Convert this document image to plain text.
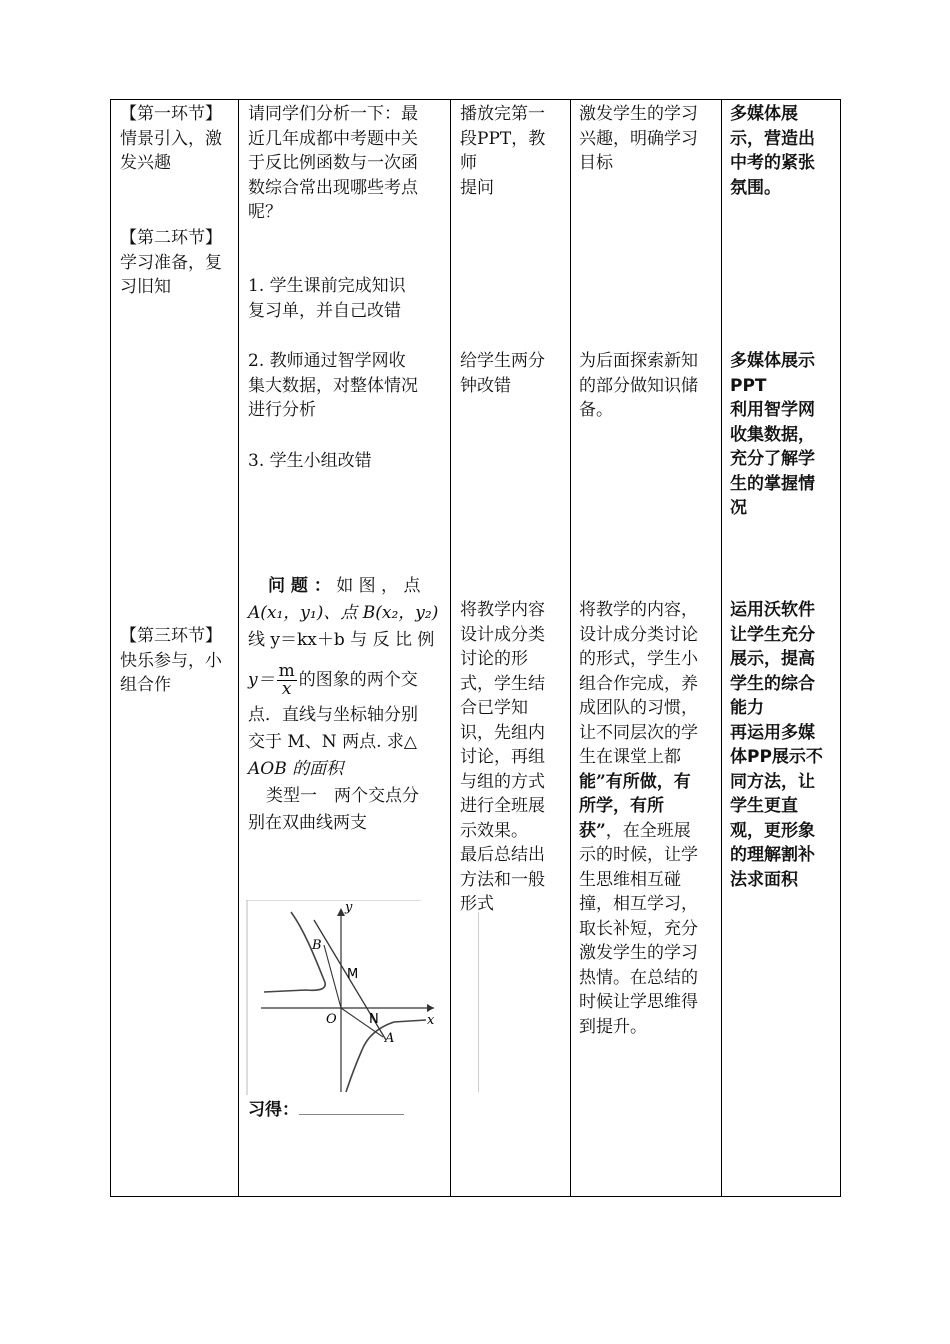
【第一环节】

情景引入，激

发兴趣

【第二环节】

学习准备，复

习旧知

【第三环节】

快乐参与，小

组合作

请同学们分析一下：最

近几年成都中考题中关

于反比例函数与一次函

数综合常出现哪些考点

呢？

1. 学生课前完成知识

复习单，并自己改错

2. 教师通过智学网收

集大数据，对整体情况

进行分析

3. 学生小组改错

问 题 ： 如 图 ， 点

A(x₁，y₁)、点 B(x₂，y₂)

线 y＝kx＋b 与 反 比 例

$y= \frac{m}{x}$ 的图象的两个交

点．直线与坐标轴分别

交于 M、N 两点. 求△

AOB 的面积

类型一　两个交点分

别在双曲线两支

y
x
B
M
O N
A
习得：

播放完第一

段PPT，教师

提问

给学生两分

钟改错

将教学内容

设计成分类

讨论的形

式，学生结

合已学知

识，先组内

讨论，再组

与组的方式

进行全班展

示效果。

最后总结出

方法和一般

形式

激发学生的学习

兴趣，明确学习

目标

为后面探索新知

的部分做知识储

备。

将教学的内容，

设计成分类讨论

的形式，学生小

组合作完成，养

成团队的习惯，

让不同层次的学

生在课堂上都

能”有所做，有

所学，有所

获”，在全班展

示的时候，让学

生思维相互碰

撞，相互学习，

取长补短，充分

激发学生的学习

热情。在总结的

时候让学思维得

到提升。

多媒体展

示，营造出

中考的紧张

氛围。

多媒体展示

PPT

利用智学网

收集数据，

充分了解学

生的掌握情

况

运用沃软件

让学生充分

展示，提高

学生的综合

能力

再运用多媒

体PP展示不

同方法，让

学生更直

观，更形象

的理解割补

法求面积
